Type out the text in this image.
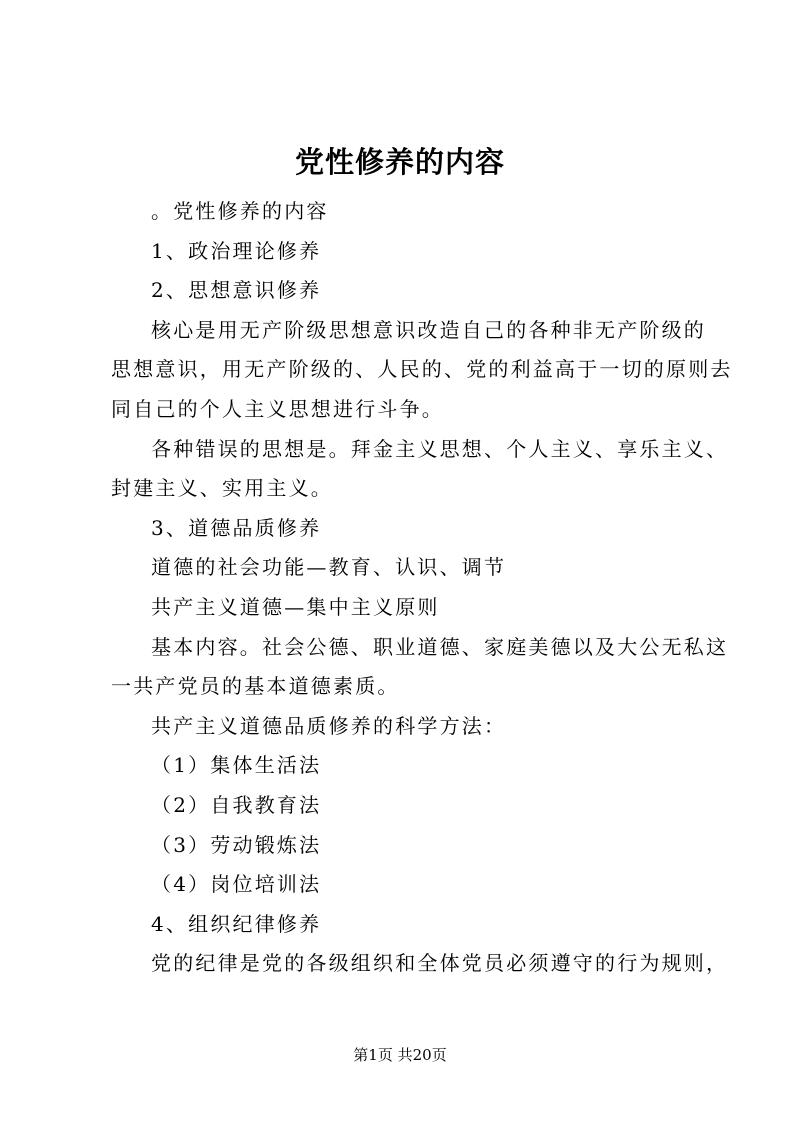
党性修养的内容

。党性修养的内容

1、政治理论修养

2、思想意识修养

核心是用无产阶级思想意识改造自己的各种非无产阶级的
思想意识，用无产阶级的、人民的、党的利益高于一切的原则去
同自己的个人主义思想进行斗争。

各种错误的思想是。拜金主义思想、个人主义、享乐主义、
封建主义、实用主义。

3、道德品质修养

道德的社会功能—教育、认识、调节

共产主义道德—集中主义原则

基本内容。社会公德、职业道德、家庭美德以及大公无私这
一共产党员的基本道德素质。

共产主义道德品质修养的科学方法：

（1）集体生活法

（2）自我教育法

（3）劳动锻炼法

（4）岗位培训法

4、组织纪律修养

党的纪律是党的各级组织和全体党员必须遵守的行为规则，

第1页 共20页
